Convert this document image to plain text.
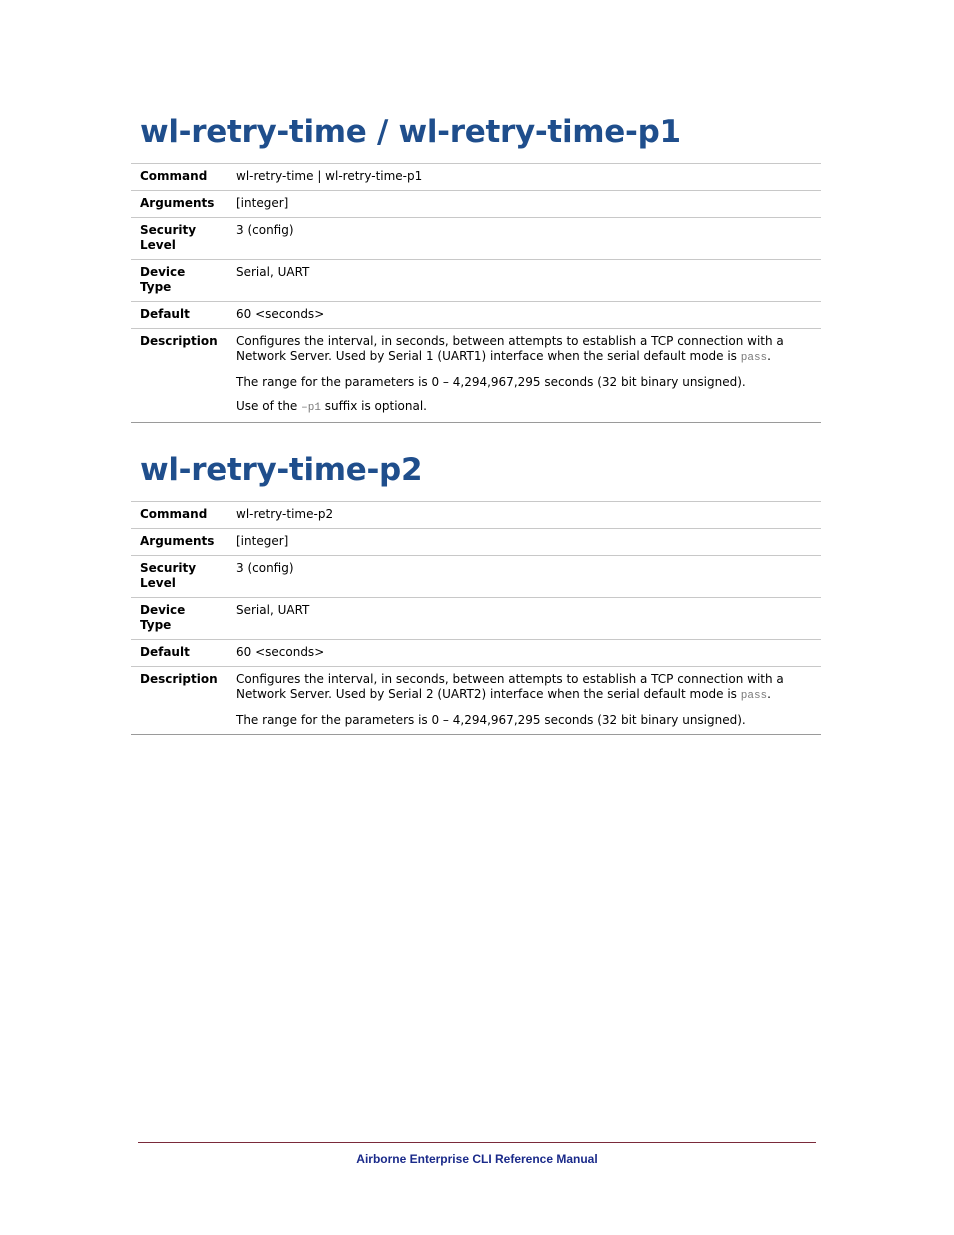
wl-retry-time / wl-retry-time-p1
Command	wl-retry-time | wl-retry-time-p1
Arguments	[integer]
Security Level	3 (config)
Device Type	Serial, UART
Default	60 <seconds>
Description	Configures the interval, in seconds, between attempts to establish a TCP connection with a Network Server. Used by Serial 1 (UART1) interface when the serial default mode is pass.

The range for the parameters is 0 – 4,294,967,295 seconds (32 bit binary unsigned).

Use of the –p1 suffix is optional.

wl-retry-time-p2
Command	wl-retry-time-p2
Arguments	[integer]
Security Level	3 (config)
Device Type	Serial, UART
Default	60 <seconds>
Description	Configures the interval, in seconds, between attempts to establish a TCP connection with a Network Server. Used by Serial 2 (UART2) interface when the serial default mode is pass.

The range for the parameters is 0 – 4,294,967,295 seconds (32 bit binary unsigned).

Airborne Enterprise CLI Reference Manual
